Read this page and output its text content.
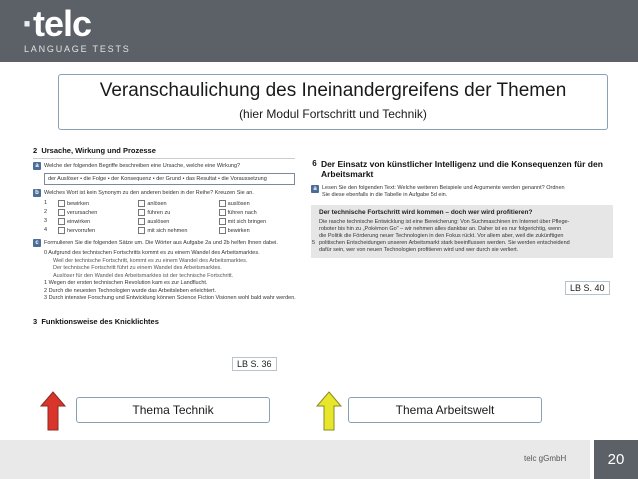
·telc
LANGUAGE TESTS
Veranschaulichung des Ineinandergreifens der Themen
(hier Modul Fortschritt und Technik)
2 Ursache, Wirkung und Prozesse
a Welche der folgenden Begriffe beschreiben eine Ursache, welche eine Wirkung?
der Auslöser • die Folge • der Konsequenz • der Grund • das Resultat • die Voraussetzung
b Welches Wort ist kein Synonym zu den anderen beiden in der Reihe? Kreuzen Sie an.
1	bewirken	anlösen	auslösen
2	verursachen	führen zu	führen nach
3	einwirken	auslösen	mit sich bringen
4	hervorrufen	mit sich nehmen	bewirken
c Formulieren Sie die folgenden Sätze um. Die Wörter aus Aufgabe 2a und 2b helfen Ihnen dabei.
0 Aufgrund des technischen Fortschritts kommt es zu einem Wandel des Arbeitsmarktes.
Weil der technische Fortschritt, kommt es zu einem Wandel des Arbeitsmarktes.
Der technische Fortschritt führt zu einem Wandel des Arbeitsmarktes.
Auslöser für den Wandel des Arbeitsmarktes ist der technische Fortschritt.
1 Wegen der ersten technischen Revolution kam es zur Landflucht.
2 Durch die neuesten Technologien wurde das Arbeitsleben erleichtert.
3 Durch intensive Forschung und Entwicklung können Science Fiction Visionen wohl bald wahr werden.
3 Funktionsweise des Knicklichtes
LB S. 36
6 Der Einsatz von künstlicher Intelligenz und die Konsequenzen für den Arbeitsmarkt
a Lesen Sie den folgenden Text: Welche weiteren Beispiele und Argumente werden genannt? Ordnen
Sie diese ebenfalls in die Tabelle in Aufgabe 5d ein.
Der technische Fortschritt wird kommen – doch wer wird profitieren?
Die rasche technische Entwicklung ist eine Bereicherung: Von Suchmaschinen im Internet über Pflege-
roboter bis hin zu „Pokémon Go" – wir nehmen alles dankbar an. Daher ist es nur folgerichtig, wenn
die Politik die Förderung neuer Technologien in den Fokus rückt. Vor allem aber, weil die zukünftigen
5 politischen Entscheidungen unseren Arbeitsmarkt stark beeinflussen werden. Sie werden entscheidend
dafür sein, wer von neuen Technologien profitieren wird und wer durch sie verliert.
LB S. 40
Thema Technik	Thema Arbeitswelt
telc gGmbH	20
